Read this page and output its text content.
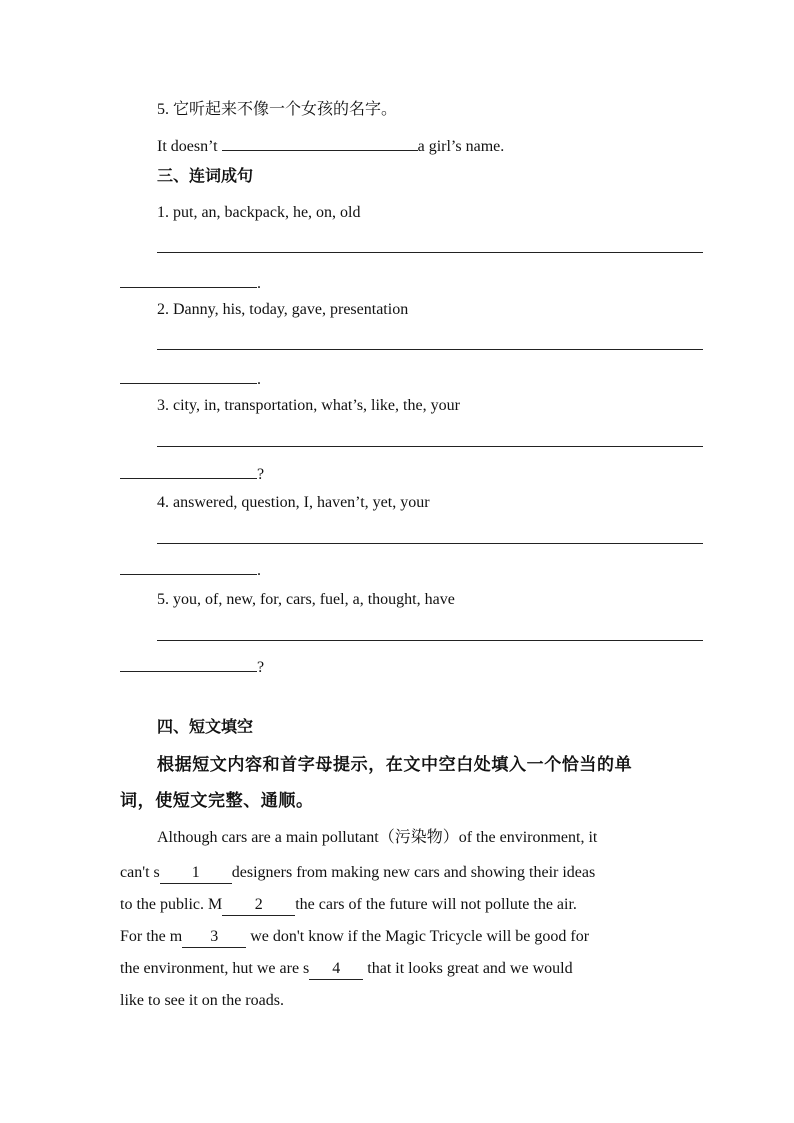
5. 它听起来不像一个女孩的名字。
It doesn’t	a girl’s name.
三、连词成句
1. put, an, backpack, he, on, old
.
2. Danny, his, today, gave, presentation
.
3. city, in, transportation, what’s, like, the, your
?
4. answered, question, I, haven’t, yet, your
.
5. you, of, new, for, cars, fuel, a, thought, have
?
四、短文填空
根据短文内容和首字母提示，在文中空白处填入一个恰当的单
词，使短文完整、通顺。
Although cars are a main pollutant（污染物）of the environment, it
can't s 1 designers from making new cars and showing their ideas
to the public. M 2 the cars of the future will not pollute the air.
For the m 3 we don't know if the Magic Tricycle will be good for
the environment, hut we are s 4 that it looks great and we would
like to see it on the roads.
